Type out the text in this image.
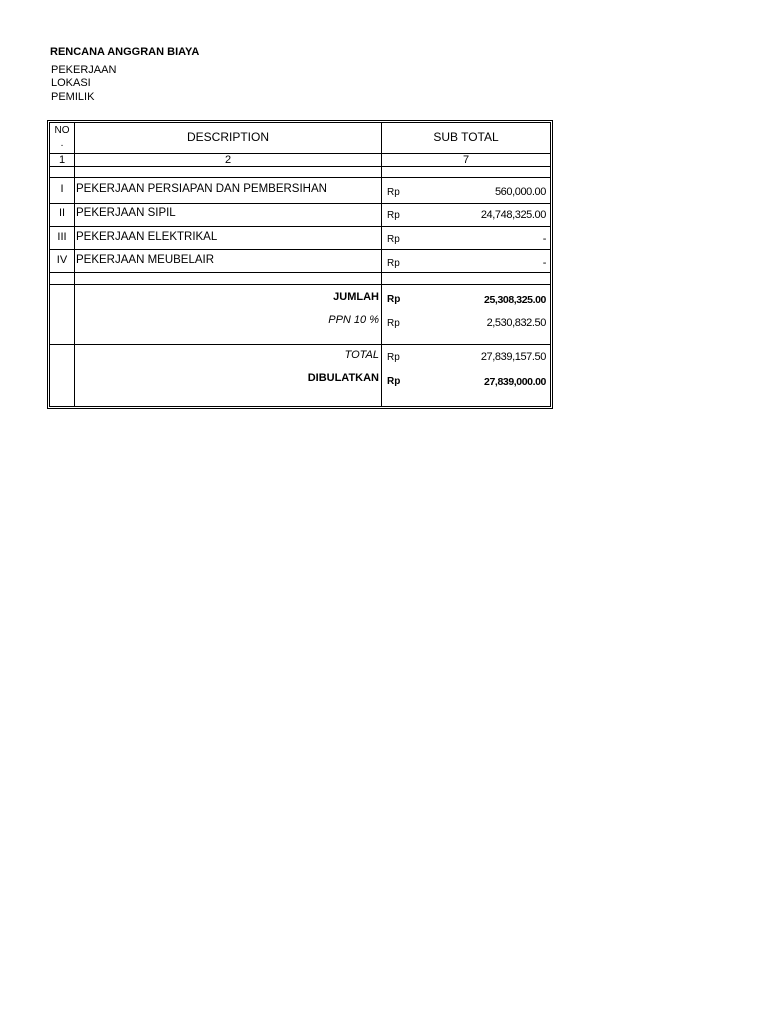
RENCANA ANGGRAN BIAYA
PEKERJAAN
LOKASI
PEMILIK
NO
.	DESCRIPTION	SUB TOTAL
1	2	7
I	PEKERJAAN PERSIAPAN DAN PEMBERSIHAN	Rp	560,000.00
II PEKERJAAN SIPIL	Rp	24,748,325.00
III PEKERJAAN ELEKTRIKAL	Rp	-
IV PEKERJAAN MEUBELAIR	Rp	-
JUMLAH Rp	25,308,325.00
PPN 10 % Rp	2,530,832.50
TOTAL Rp	27,839,157.50
DIBULATKAN Rp	27,839,000.00
